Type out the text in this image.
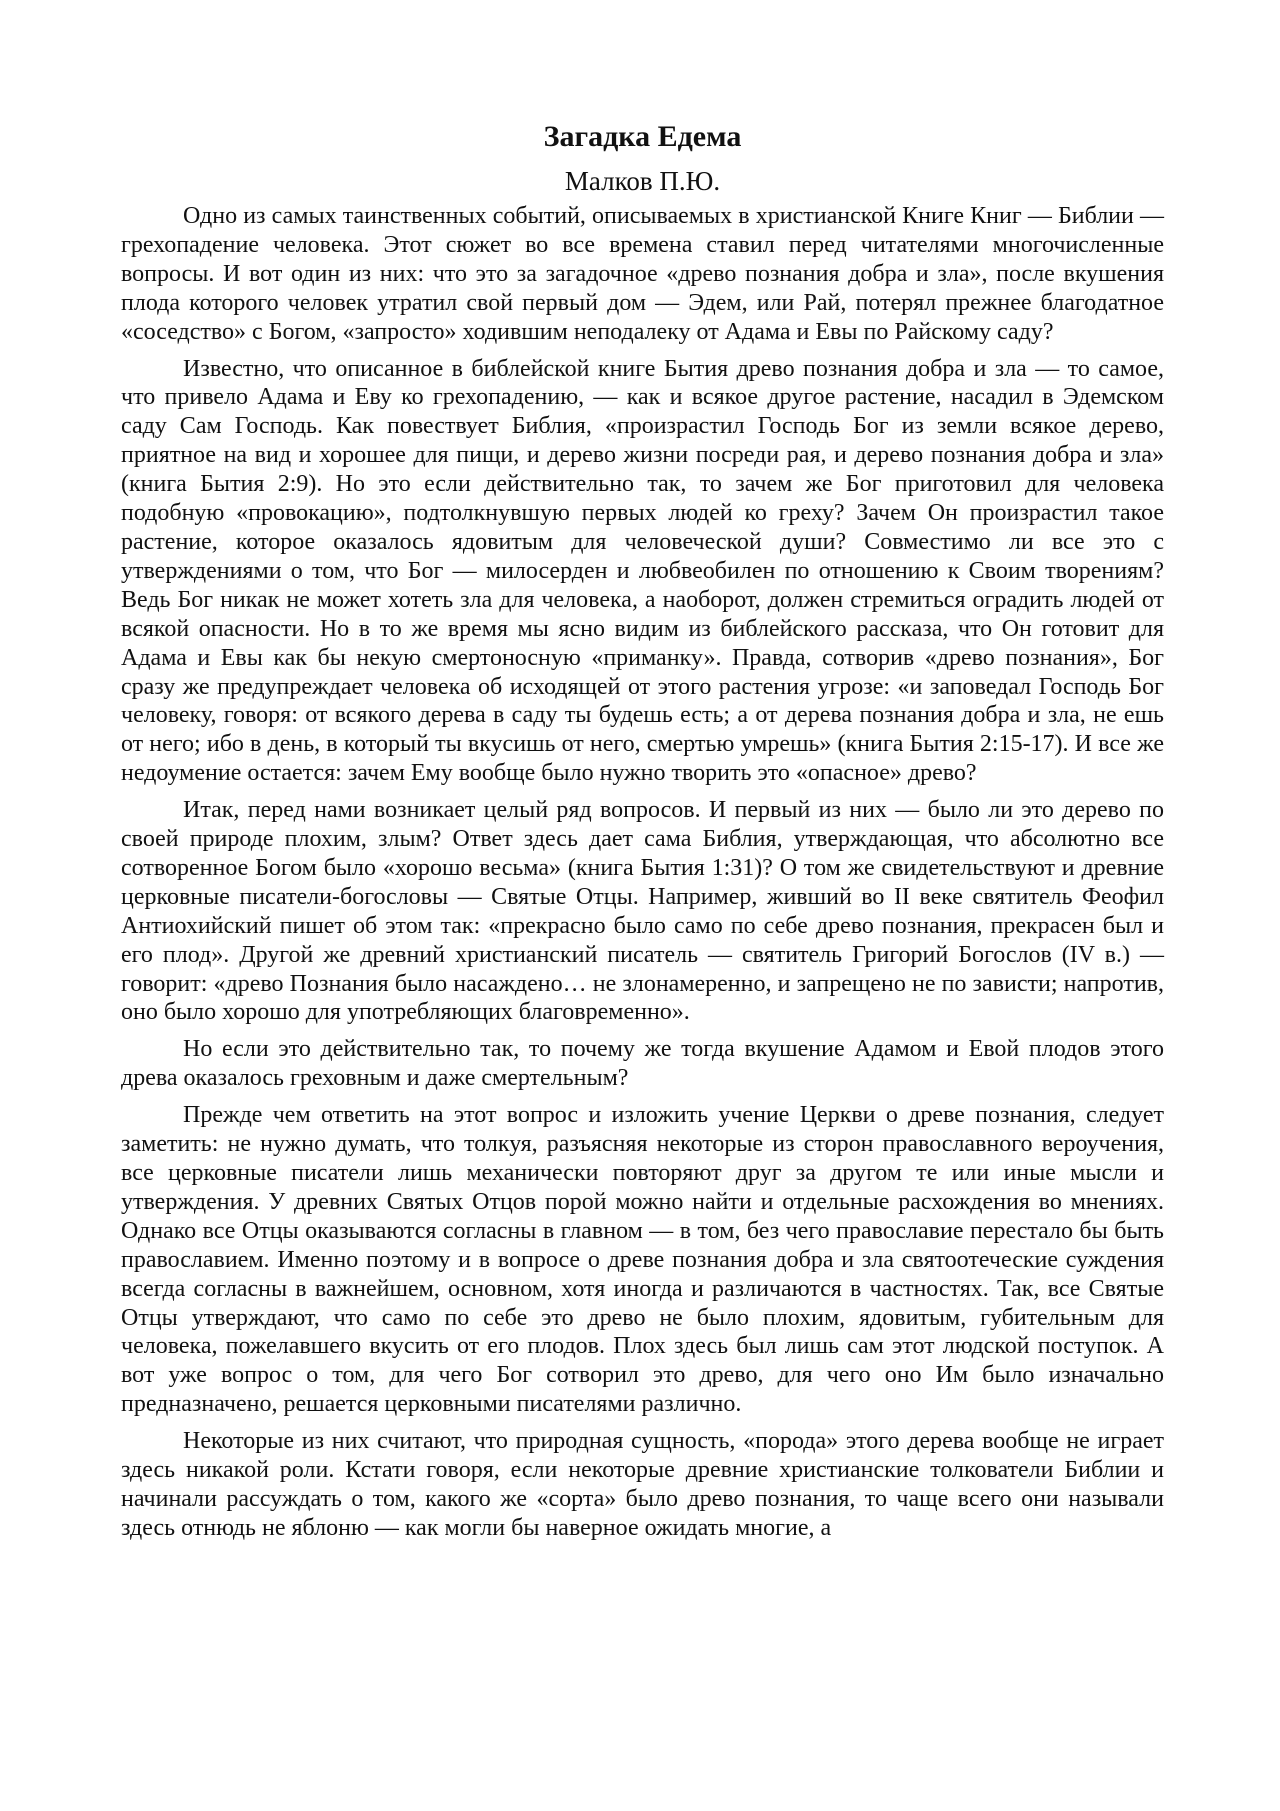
Загадка Едема
Малков П.Ю.

Одно из самых таинственных событий, описываемых в христианской Книге Книг — Библии — грехопадение человека. Этот сюжет во все времена ставил перед читателями многочисленные вопросы. И вот один из них: что это за загадочное «древо познания добра и зла», после вкушения плода которого человек утратил свой первый дом — Эдем, или Рай, потерял прежнее благодатное «соседство» с Богом, «запросто» ходившим неподалеку от Адама и Евы по Райскому саду?

Известно, что описанное в библейской книге Бытия древо познания добра и зла — то самое, что привело Адама и Еву ко грехопадению, — как и всякое другое растение, насадил в Эдемском саду Сам Господь. Как повествует Библия, «произрастил Господь Бог из земли всякое дерево, приятное на вид и хорошее для пищи, и дерево жизни посреди рая, и дерево познания добра и зла» (книга Бытия 2:9). Но это если действительно так, то зачем же Бог приготовил для человека подобную «провокацию», подтолкнувшую первых людей ко греху? Зачем Он произрастил такое растение, которое оказалось ядовитым для человеческой души? Совместимо ли все это с утверждениями о том, что Бог — милосерден и любвеобилен по отношению к Своим творениям? Ведь Бог никак не может хотеть зла для человека, а наоборот, должен стремиться оградить людей от всякой опасности. Но в то же время мы ясно видим из библейского рассказа, что Он готовит для Адама и Евы как бы некую смертоносную «приманку». Правда, сотворив «древо познания», Бог сразу же предупреждает человека об исходящей от этого растения угрозе: «и заповедал Господь Бог человеку, говоря: от всякого дерева в саду ты будешь есть; а от дерева познания добра и зла, не ешь от него; ибо в день, в который ты вкусишь от него, смертью умрешь» (книга Бытия 2:15-17). И все же недоумение остается: зачем Ему вообще было нужно творить это «опасное» древо?

Итак, перед нами возникает целый ряд вопросов. И первый из них — было ли это дерево по своей природе плохим, злым? Ответ здесь дает сама Библия, утверждающая, что абсолютно все сотворенное Богом было «хорошо весьма» (книга Бытия 1:31)? О том же свидетельствуют и древние церковные писатели-богословы — Святые Отцы. Например, живший во II веке святитель Феофил Антиохийский пишет об этом так: «прекрасно было само по себе древо познания, прекрасен был и его плод». Другой же древний христианский писатель — святитель Григорий Богослов (IV в.) — говорит: «древо Познания было насаждено… не злонамеренно, и запрещено не по зависти; напротив, оно было хорошо для употребляющих благовременно».

Но если это действительно так, то почему же тогда вкушение Адамом и Евой плодов этого древа оказалось греховным и даже смертельным?

Прежде чем ответить на этот вопрос и изложить учение Церкви о древе познания, следует заметить: не нужно думать, что толкуя, разъясняя некоторые из сторон православного вероучения, все церковные писатели лишь механически повторяют друг за другом те или иные мысли и утверждения. У древних Святых Отцов порой можно найти и отдельные расхождения во мнениях. Однако все Отцы оказываются согласны в главном — в том, без чего православие перестало бы быть православием. Именно поэтому и в вопросе о древе познания добра и зла святоотеческие суждения всегда согласны в важнейшем, основном, хотя иногда и различаются в частностях. Так, все Святые Отцы утверждают, что само по себе это древо не было плохим, ядовитым, губительным для человека, пожелавшего вкусить от его плодов. Плох здесь был лишь сам этот людской поступок. А вот уже вопрос о том, для чего Бог сотворил это древо, для чего оно Им было изначально предназначено, решается церковными писателями различно.

Некоторые из них считают, что природная сущность, «порода» этого дерева вообще не играет здесь никакой роли. Кстати говоря, если некоторые древние христианские толкователи Библии и начинали рассуждать о том, какого же «сорта» было древо познания, то чаще всего они называли здесь отнюдь не яблоню — как могли бы наверное ожидать многие, а
